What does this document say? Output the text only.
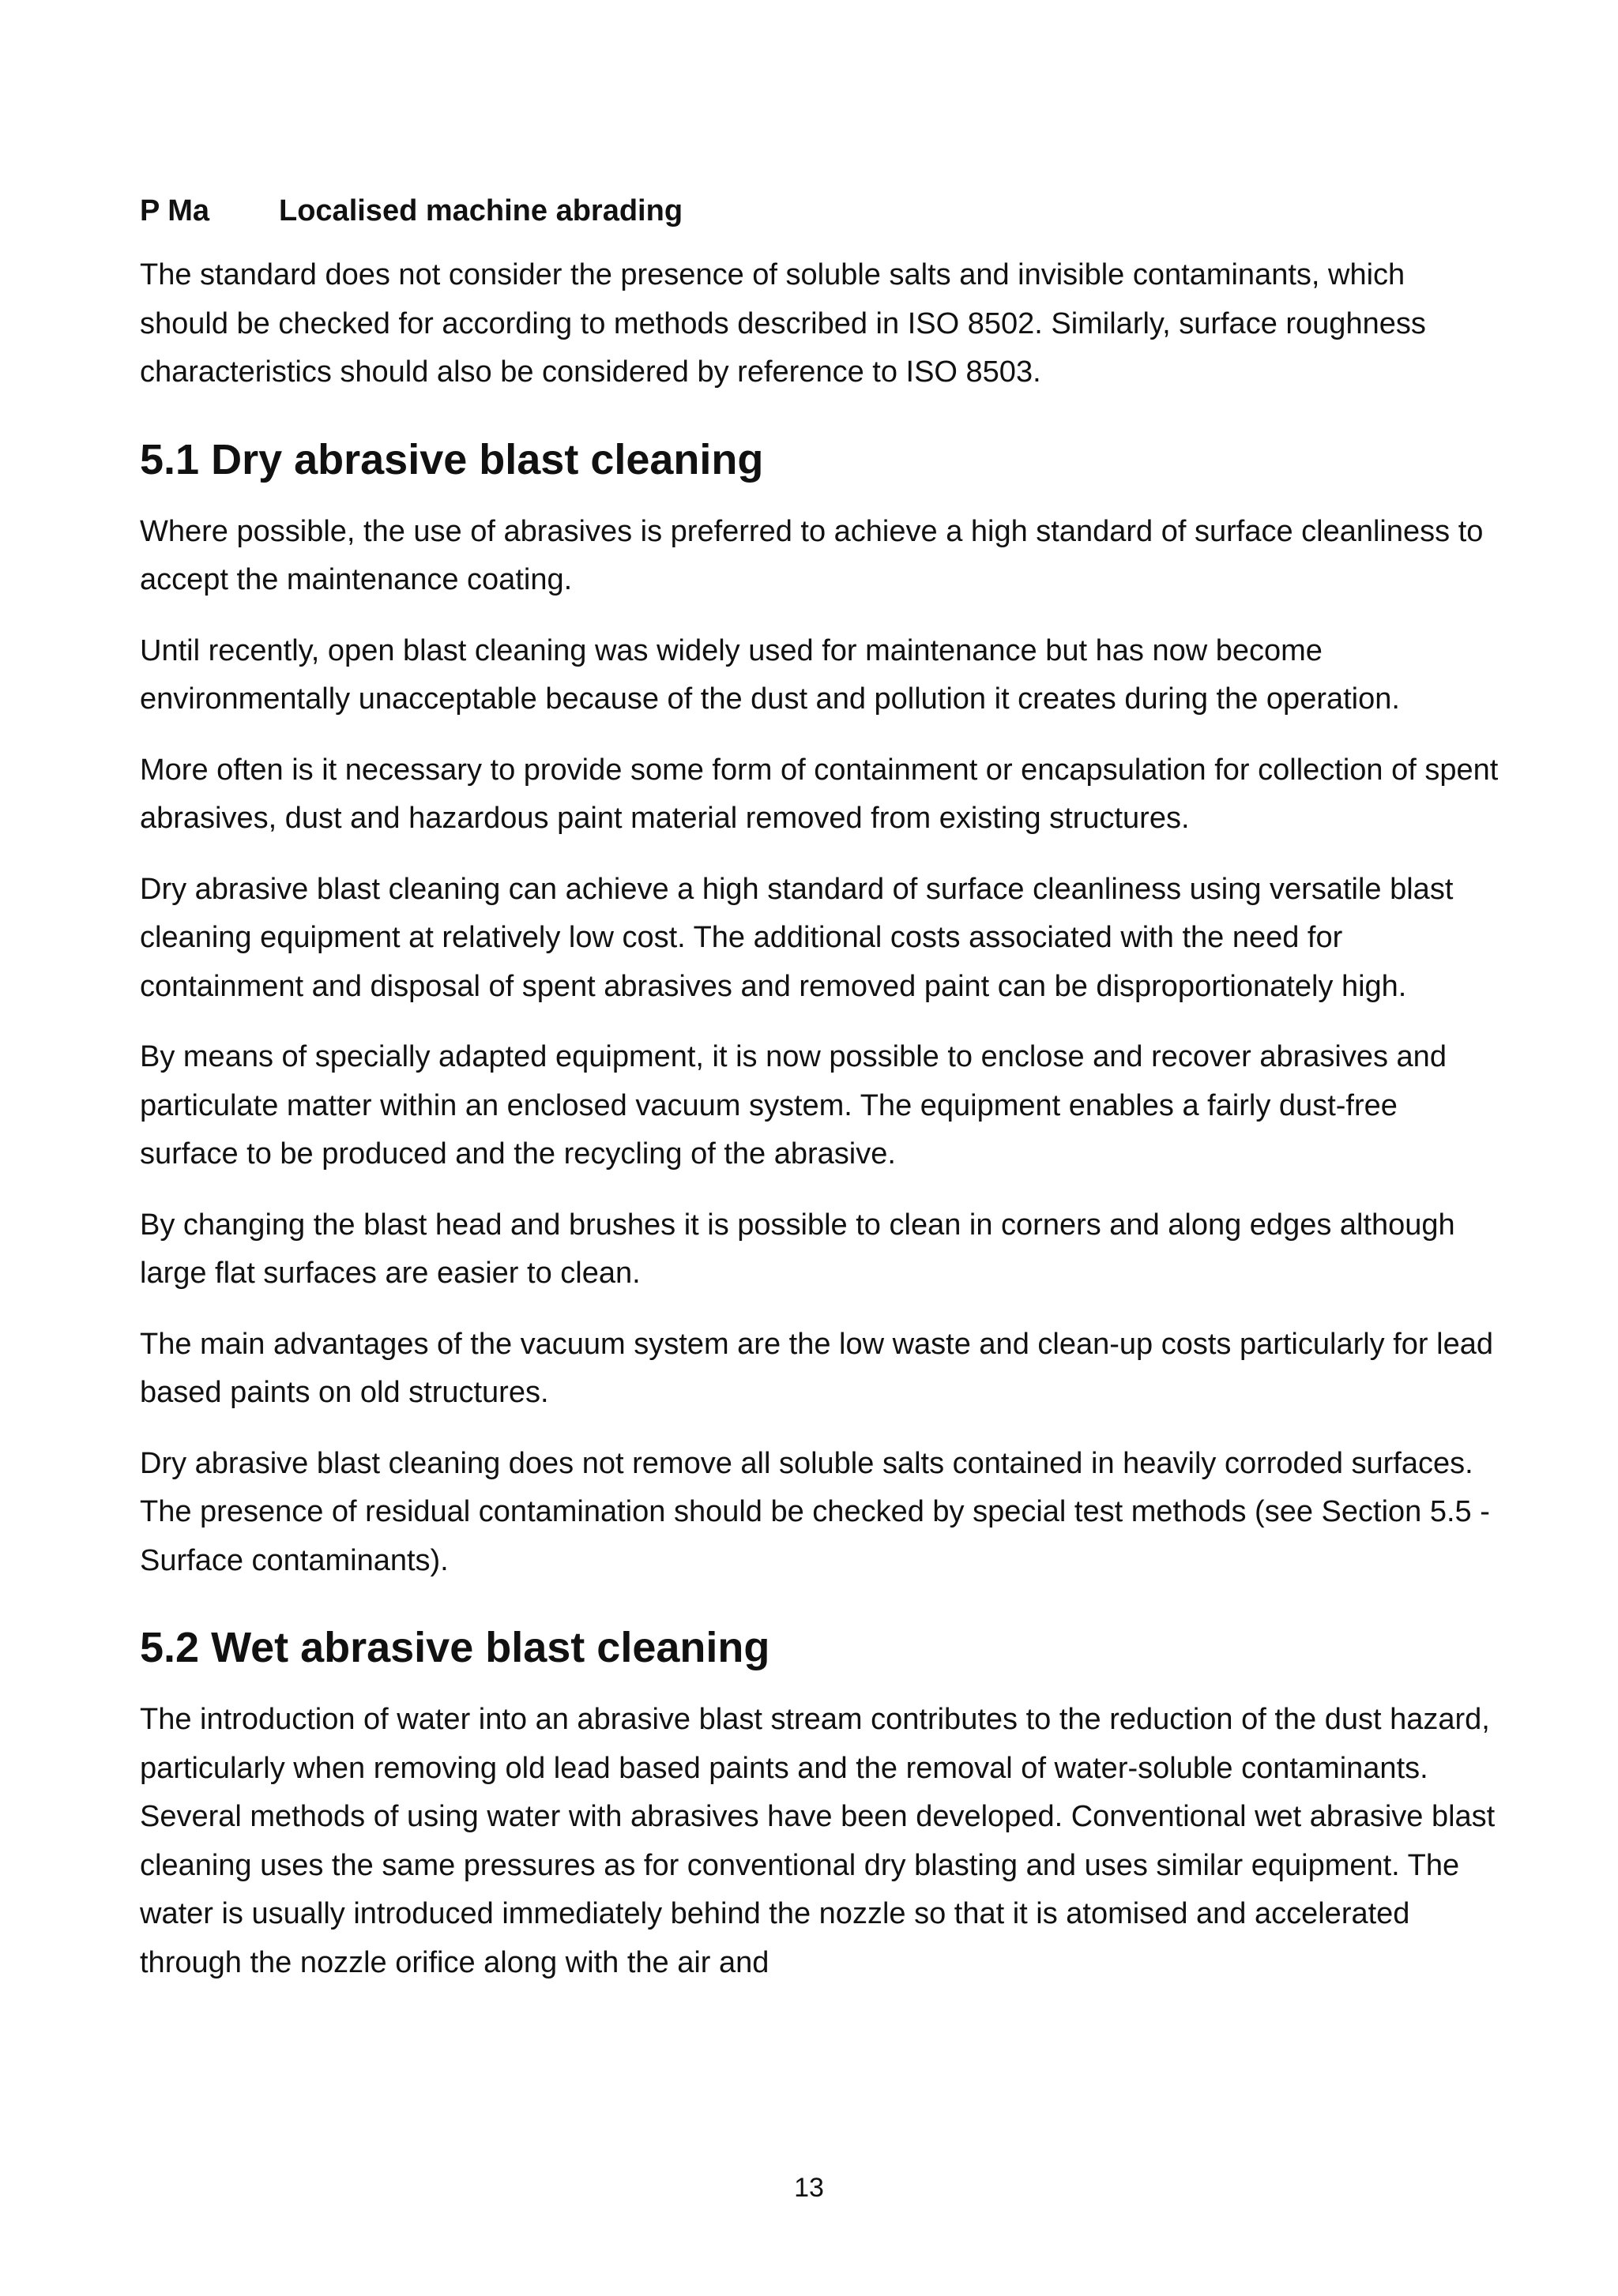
P Ma	Localised machine abrading

The standard does not consider the presence of soluble salts and invisible contaminants, which should be checked for according to methods described in ISO 8502. Similarly, surface roughness characteristics should also be considered by reference to ISO 8503.

5.1 Dry abrasive blast cleaning

Where possible, the use of abrasives is preferred to achieve a high standard of surface cleanliness to accept the maintenance coating.

Until recently, open blast cleaning was widely used for maintenance but has now become environmentally unacceptable because of the dust and pollution it creates during the operation.

More often is it necessary to provide some form of containment or encapsulation for collection of spent abrasives, dust and hazardous paint material removed from existing structures.

Dry abrasive blast cleaning can achieve a high standard of surface cleanliness using versatile blast cleaning equipment at relatively low cost. The additional costs associated with the need for containment and disposal of spent abrasives and removed paint can be disproportionately high.

By means of specially adapted equipment, it is now possible to enclose and recover abrasives and particulate matter within an enclosed vacuum system. The equipment enables a fairly dust-free surface to be produced and the recycling of the abrasive.

By changing the blast head and brushes it is possible to clean in corners and along edges although large flat surfaces are easier to clean.

The main advantages of the vacuum system are the low waste and clean-up costs particularly for lead based paints on old structures.

Dry abrasive blast cleaning does not remove all soluble salts contained in heavily corroded surfaces. The presence of residual contamination should be checked by special test methods (see Section 5.5 - Surface contaminants).

5.2 Wet abrasive blast cleaning

The introduction of water into an abrasive blast stream contributes to the reduction of the dust hazard, particularly when removing old lead based paints and the removal of water-soluble contaminants. Several methods of using water with abrasives have been developed. Conventional wet abrasive blast cleaning uses the same pressures as for conventional dry blasting and uses similar equipment. The water is usually introduced immediately behind the nozzle so that it is atomised and accelerated through the nozzle orifice along with the air and

13
